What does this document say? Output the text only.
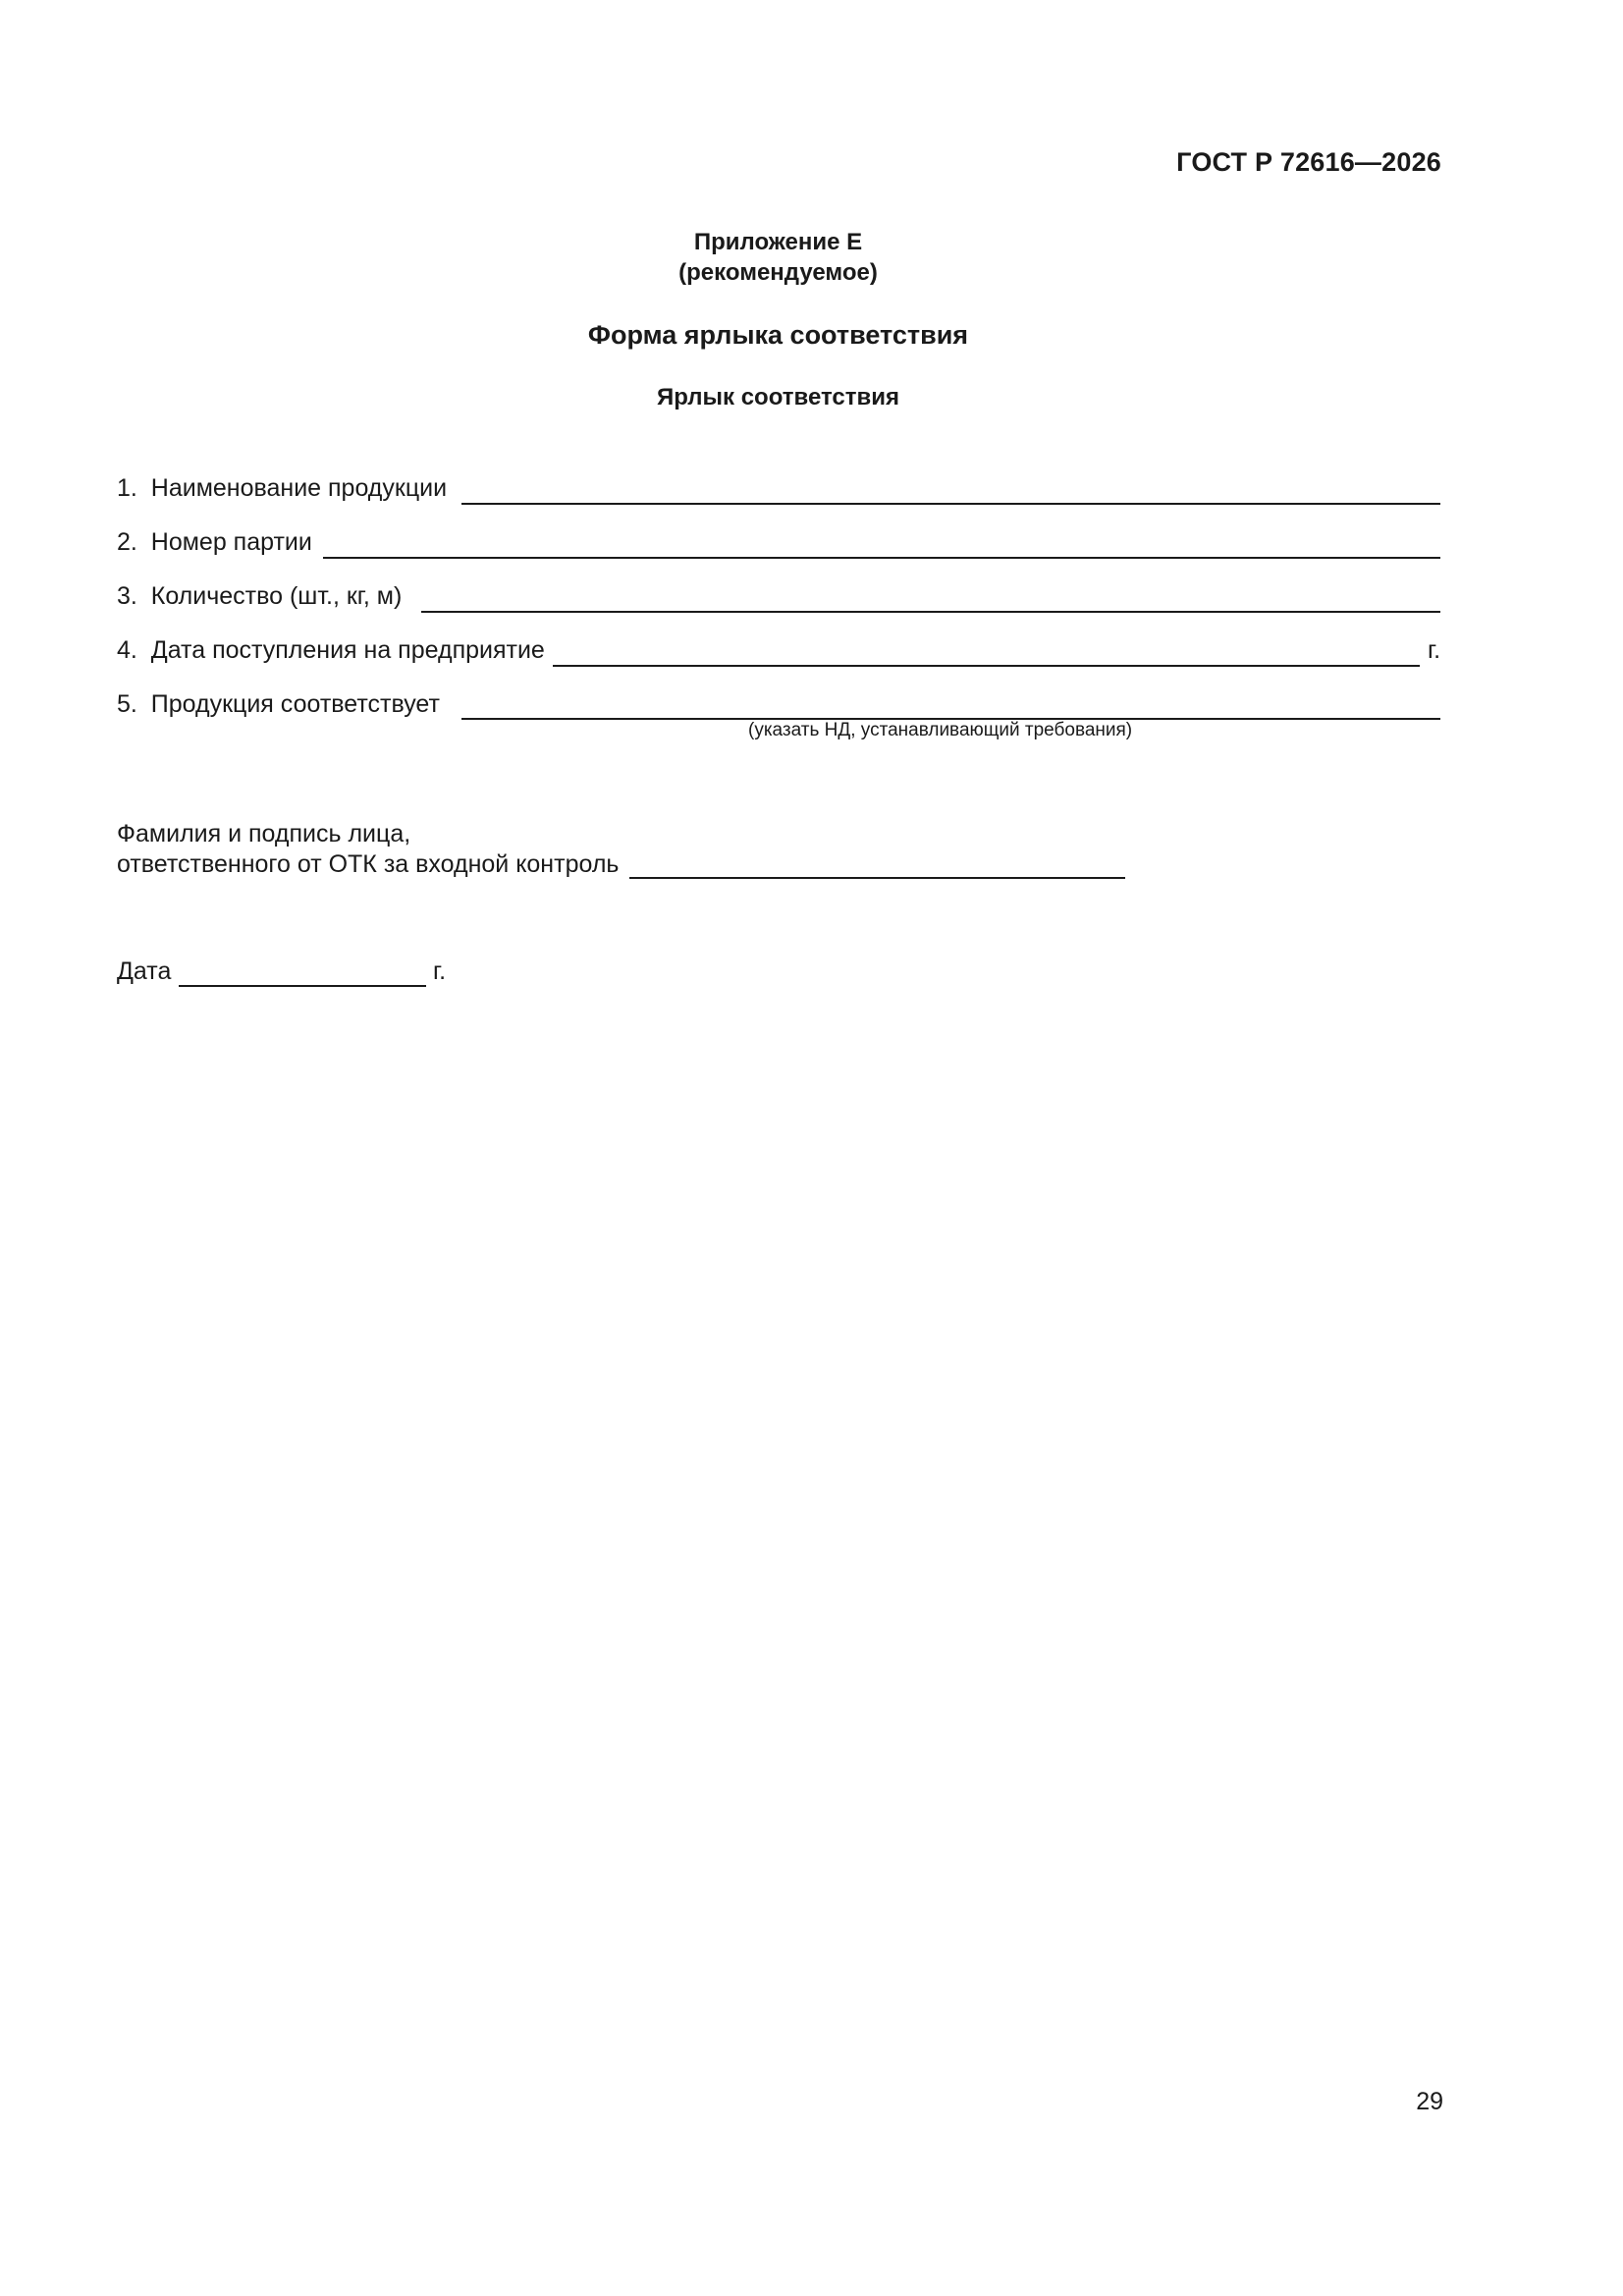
ГОСТ Р 72616—2026

Приложение Е
(рекомендуемое)
Форма ярлыка соответствия
Ярлык соответствия
1. Наименование продукции
2. Номер партии
3. Количество (шт., кг, м)
4. Дата поступления на предприятие	г.
5. Продукция соответствует
(указать НД, устанавливающий требования)
Фамилия и подпись лица,
ответственного от ОТК за входной контроль
Дата	г.
29
